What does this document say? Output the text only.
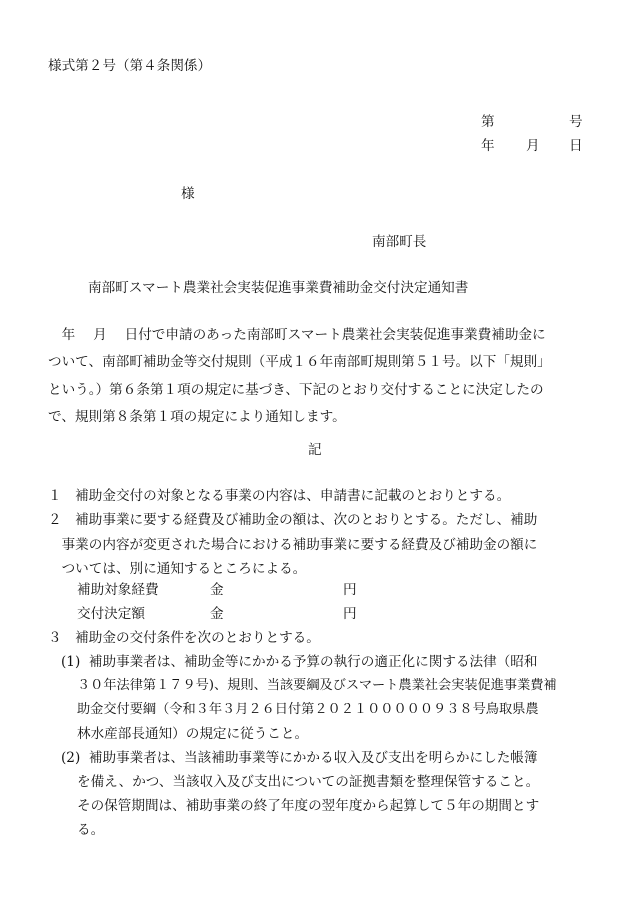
様式第２号（第４条関係）
第	号
年 月 日
様
南部町長
南部町スマート農業社会実装促進事業費補助金交付決定通知書
　年　 月　 日付で申請のあった南部町スマート農業社会実装促進事業費補助金に
ついて、南部町補助金等交付規則（平成１６年南部町規則第５１号。以下「規則」
という。）第６条第１項の規定に基づき、下記のとおり交付することに決定したの
で、規則第８条第１項の規定により通知します。
記
１　補助金交付の対象となる事業の内容は、申請書に記載のとおりとする。
２　補助事業に要する経費及び補助金の額は、次のとおりとする。ただし、補助
　事業の内容が変更された場合における補助事業に要する経費及び補助金の額に
　ついては、別に通知するところによる。
補助対象経費	金	円
交付決定額	金	円
３　補助金の交付条件を次のとおりとする。
(1)  補助事業者は、補助金等にかかる予算の執行の適正化に関する法律（昭和
３０年法律第１７９号)、規則、当該要綱及びスマート農業社会実装促進事業費補
助金交付要綱（令和３年３月２６日付第２０２１０００００９３８号鳥取県農
林水産部長通知）の規定に従うこと。
(2)  補助事業者は、当該補助事業等にかかる収入及び支出を明らかにした帳簿
を備え、かつ、当該収入及び支出についての証拠書類を整理保管すること。
その保管期間は、補助事業の終了年度の翌年度から起算して５年の期間とす
る。
